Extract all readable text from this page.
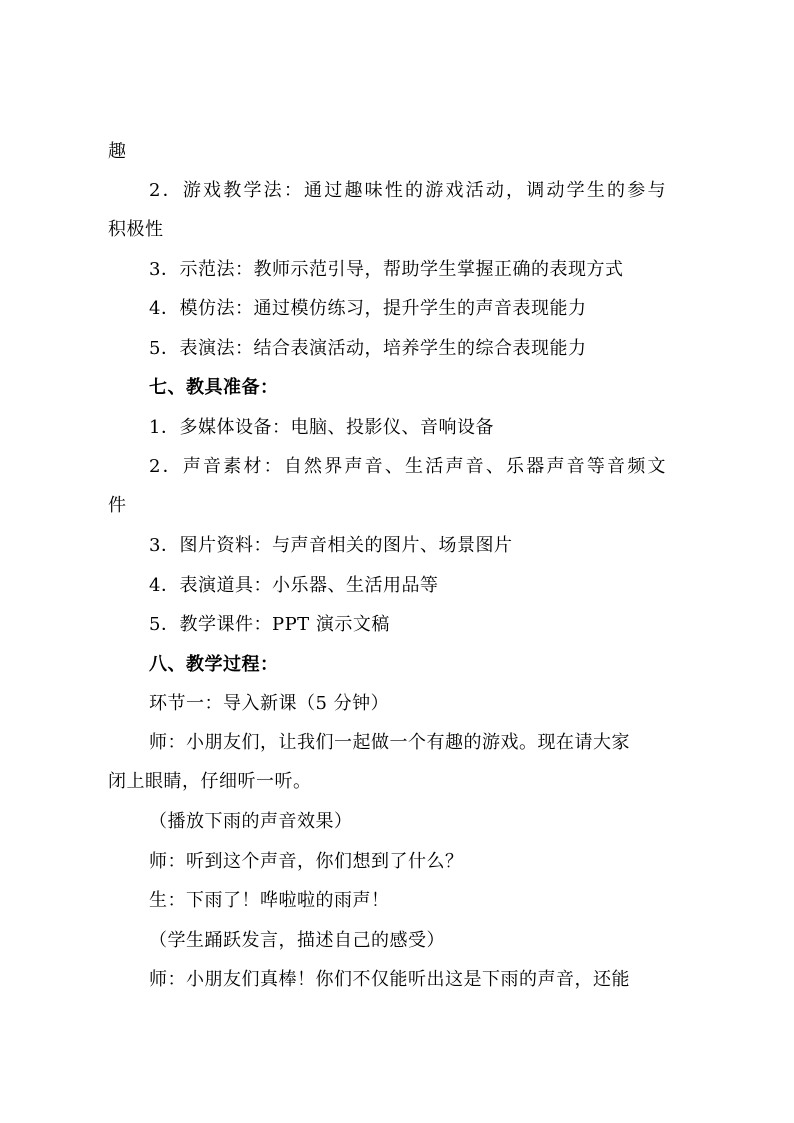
趣
2．游戏教学法：通过趣味性的游戏活动，调动学生的参与
积极性
3．示范法：教师示范引导，帮助学生掌握正确的表现方式
4．模仿法：通过模仿练习，提升学生的声音表现能力
5．表演法：结合表演活动，培养学生的综合表现能力
七、教具准备：
1．多媒体设备：电脑、投影仪、音响设备
2．声音素材：自然界声音、生活声音、乐器声音等音频文
件
3．图片资料：与声音相关的图片、场景图片
4．表演道具：小乐器、生活用品等
5．教学课件：PPT 演示文稿
八、教学过程：
环节一：导入新课（5 分钟）
师：小朋友们，让我们一起做一个有趣的游戏。现在请大家
闭上眼睛，仔细听一听。
（播放下雨的声音效果）
师：听到这个声音，你们想到了什么？
生：下雨了！哗啦啦的雨声！
（学生踊跃发言，描述自己的感受）
师：小朋友们真棒！你们不仅能听出这是下雨的声音，还能
